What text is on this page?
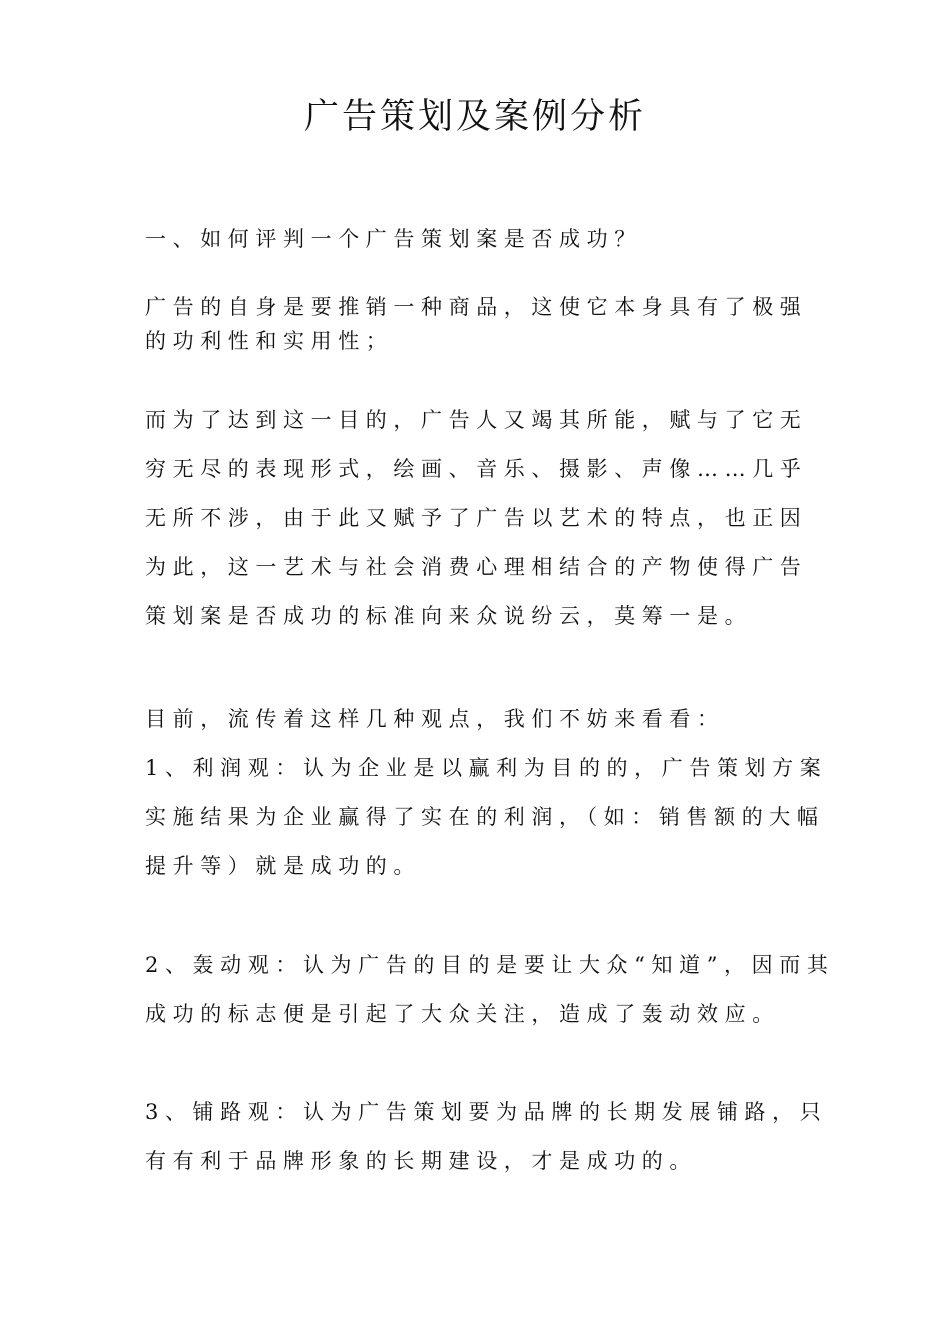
广告策划及案例分析

一、如何评判一个广告策划案是否成功？

广告的自身是要推销一种商品，这使它本身具有了极强
的功利性和实用性；
而为了达到这一目的，广告人又竭其所能，赋与了它无
穷无尽的表现形式，绘画、音乐、摄影、声像……几乎
无所不涉，由于此又赋予了广告以艺术的特点，也正因
为此，这一艺术与社会消费心理相结合的产物使得广告
策划案是否成功的标准向来众说纷云，莫筹一是。
目前，流传着这样几种观点，我们不妨来看看：
1、利润观：认为企业是以赢利为目的的，广告策划方案
实施结果为企业赢得了实在的利润，（如：销售额的大幅
提升等）就是成功的。
2、轰动观：认为广告的目的是要让大众“知道”，因而其
成功的标志便是引起了大众关注，造成了轰动效应。
3、铺路观：认为广告策划要为品牌的长期发展铺路，只
有有利于品牌形象的长期建设，才是成功的。
